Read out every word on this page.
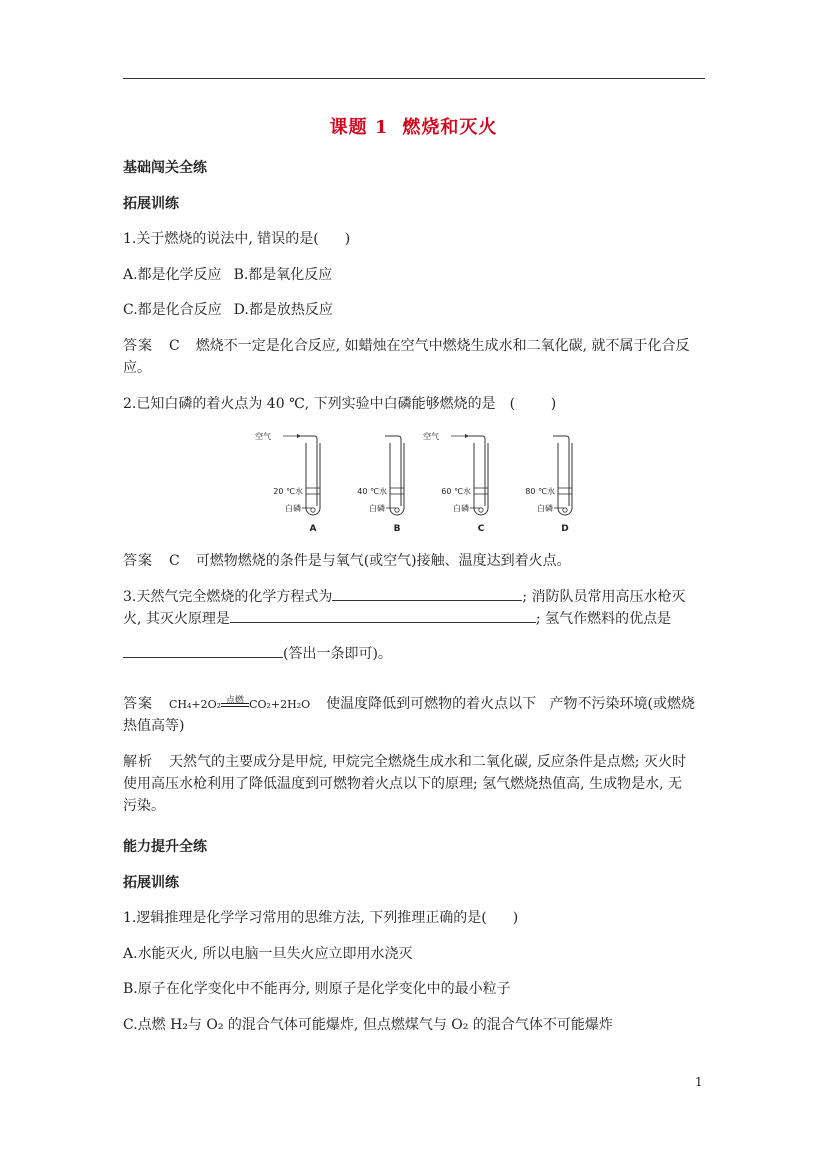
课题 1 燃烧和灭火
基础闯关全练
拓展训练
1.关于燃烧的说法中, 错误的是( )
A.都是化学反应 B.都是氧化反应
C.都是化合反应 D.都是放热反应
答案 C 燃烧不一定是化合反应, 如蜡烛在空气中燃烧生成水和二氧化碳, 就不属于化合反
应。
2.已知白磷的着火点为 40 ℃, 下列实验中白磷能够燃烧的是 (        )
空气
20 ℃水
白磷
A
40 ℃水
白磷
B
空气
60 ℃水
白磷
C
80 ℃水
白磷
D
答案 C 可燃物燃烧的条件是与氧气(或空气)接触、温度达到着火点。
3.天然气完全燃烧的化学方程式为	; 消防队员常用高压水枪灭
火, 其灭火原理是	; 氢气作燃料的优点是
(答出一条即可)。
答案 CH₄+2O₂ 点燃 CO₂+2H₂O 使温度降低到可燃物的着火点以下   产物不污染环境(或燃烧
热值高等)
解析 天然气的主要成分是甲烷, 甲烷完全燃烧生成水和二氧化碳, 反应条件是点燃; 灭火时
使用高压水枪利用了降低温度到可燃物着火点以下的原理; 氢气燃烧热值高, 生成物是水, 无
污染。
能力提升全练
拓展训练
1.逻辑推理是化学学习常用的思维方法, 下列推理正确的是( )
A.水能灭火, 所以电脑一旦失火应立即用水浇灭
B.原子在化学变化中不能再分, 则原子是化学变化中的最小粒子
C.点燃 H₂与 O₂ 的混合气体可能爆炸, 但点燃煤气与 O₂ 的混合气体不可能爆炸
1
